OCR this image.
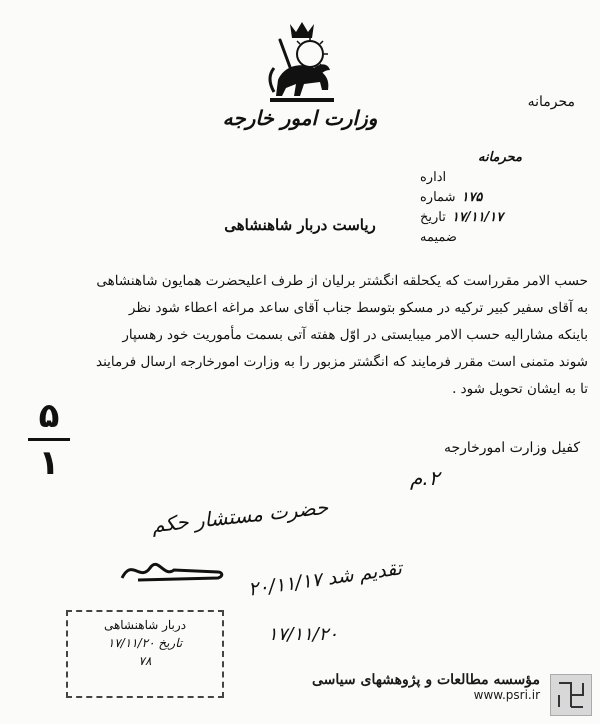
وزارت امور خارجه
محرمانه
محرمانه
اداره
شماره ۱۷۵
تاریخ ۱۷/۱۱/۱۷
ضمیمه
ریاست دربار شاهنشاهی

حسب الامر مقرراست که یکحلقه انگشتر برلیان از طرف اعلیحضرت همایون شاهنشاهی

به آقای سفیر کبیر ترکیه در مسکو بتوسط جناب آقای ساعد مراغه اعطاء شود نظر

باینکه مشارالیه حسب الامر میبایستی در اوّل هفته آتی بسمت مأموریت خود رهسپار

شوند متمنی است مقرر فرمایند که انگشتر مزبور را به وزارت امورخارجه ارسال فرمایند

تا به ایشان تحویل شود .

کفیل وزارت امورخارجه
۲.م
۵
۱
حضرت مستشار حکم
تقدیم شد ۲۰/۱۱/۱۷
۱۷/۱۱/۲۰
دربار شاهنشاهی
تاریخ ۱۷/۱۱/۲۰
۷۸
مؤسسه مطالعات و پژوهشهای سیاسی
www.psri.ir
